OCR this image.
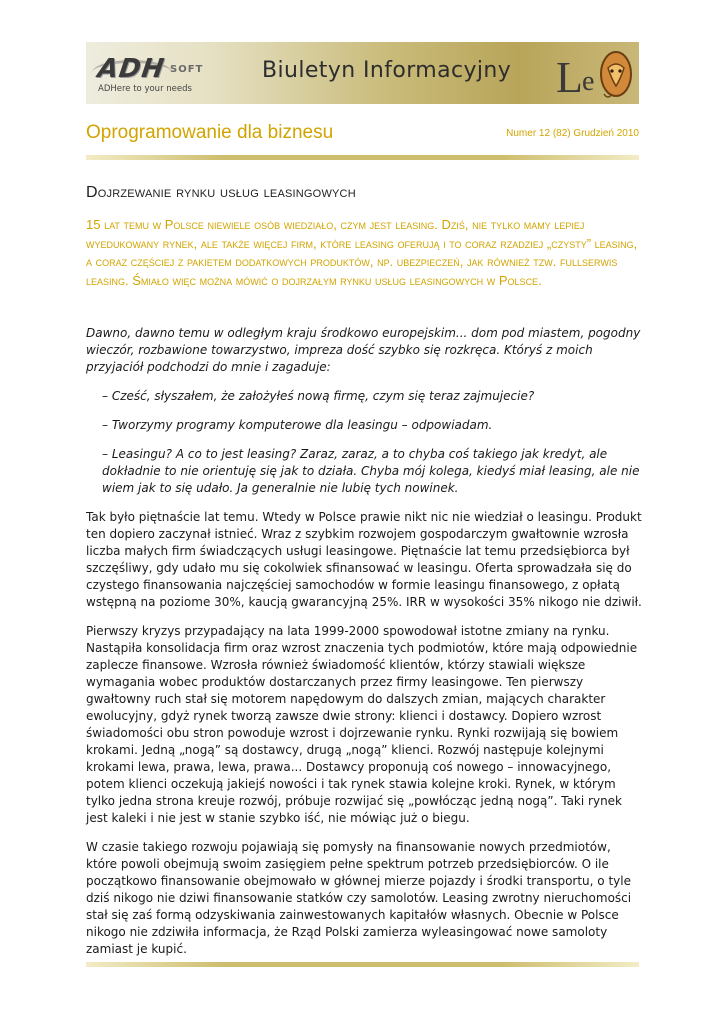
ADH SOFT
ADHere to your needs
Biuletyn Informacyjny L e
Oprogramowanie dla biznesu	Numer 12 (82) Grudzień 2010
Dojrzewanie rynku usług leasingowych
15 lat temu w Polsce niewiele osób wiedziało, czym jest leasing. Dziś, nie tylko mamy lepiej wyedukowany rynek, ale także więcej firm, które leasing oferują i to coraz rzadziej „czysty” leasing, a coraz częściej z pakietem dodatkowych produktów, np. ubezpieczeń, jak również tzw. fullserwis leasing. Śmiało więc można mówić o dojrzałym rynku usług leasingowych w Polsce.

Dawno, dawno temu w odległym kraju środkowo europejskim... dom pod miastem, pogodny wieczór, rozbawione towarzystwo, impreza dość szybko się rozkręca. Któryś z moich przyjaciół podchodzi do mnie i zagaduje:

– Cześć, słyszałem, że założyłeś nową firmę, czym się teraz zajmujecie?

– Tworzymy programy komputerowe dla leasingu – odpowiadam.

– Leasingu? A co to jest leasing? Zaraz, zaraz, a to chyba coś takiego jak kredyt, ale dokładnie to nie orientuję się jak to działa. Chyba mój kolega, kiedyś miał leasing, ale nie wiem jak to się udało. Ja generalnie nie lubię tych nowinek.

Tak było piętnaście lat temu. Wtedy w Polsce prawie nikt nic nie wiedział o leasingu. Produkt ten dopiero zaczynał istnieć. Wraz z szybkim rozwojem gospodarczym gwałtownie wzrosła liczba małych firm świadczących usługi leasingowe. Piętnaście lat temu przedsiębiorca był szczęśliwy, gdy udało mu się cokolwiek sfinansować w leasingu. Oferta sprowadzała się do czystego finansowania najczęściej samochodów w formie leasingu finansowego, z opłatą wstępną na poziome 30%, kaucją gwarancyjną 25%. IRR w wysokości 35% nikogo nie dziwił.

Pierwszy kryzys przypadający na lata 1999-2000 spowodował istotne zmiany na rynku. Nastąpiła konsolidacja firm oraz wzrost znaczenia tych podmiotów, które mają odpowiednie zaplecze finansowe. Wzrosła również świadomość klientów, którzy stawiali większe wymagania wobec produktów dostarczanych przez firmy leasingowe. Ten pierwszy gwałtowny ruch stał się motorem napędowym do dalszych zmian, mających charakter ewolucyjny, gdyż rynek tworzą zawsze dwie strony: klienci i dostawcy. Dopiero wzrost świadomości obu stron powoduje wzrost i dojrzewanie rynku. Rynki rozwijają się bowiem krokami. Jedną „nogą” są dostawcy, drugą „nogą” klienci. Rozwój następuje kolejnymi krokami lewa, prawa, lewa, prawa... Dostawcy proponują coś nowego – innowacyjnego, potem klienci oczekują jakiejś nowości i tak rynek stawia kolejne kroki. Rynek, w którym tylko jedna strona kreuje rozwój, próbuje rozwijać się „powłócząc jedną nogą”. Taki rynek jest kaleki i nie jest w stanie szybko iść, nie mówiąc już o biegu.

W czasie takiego rozwoju pojawiają się pomysły na finansowanie nowych przedmiotów, które powoli obejmują swoim zasięgiem pełne spektrum potrzeb przedsiębiorców. O ile początkowo finansowanie obejmowało w głównej mierze pojazdy i środki transportu, o tyle dziś nikogo nie dziwi finansowanie statków czy samolotów. Leasing zwrotny nieruchomości stał się zaś formą odzyskiwania zainwestowanych kapitałów własnych. Obecnie w Polsce nikogo nie zdziwiła informacja, że Rząd Polski zamierza wyleasingować nowe samoloty zamiast je kupić.
